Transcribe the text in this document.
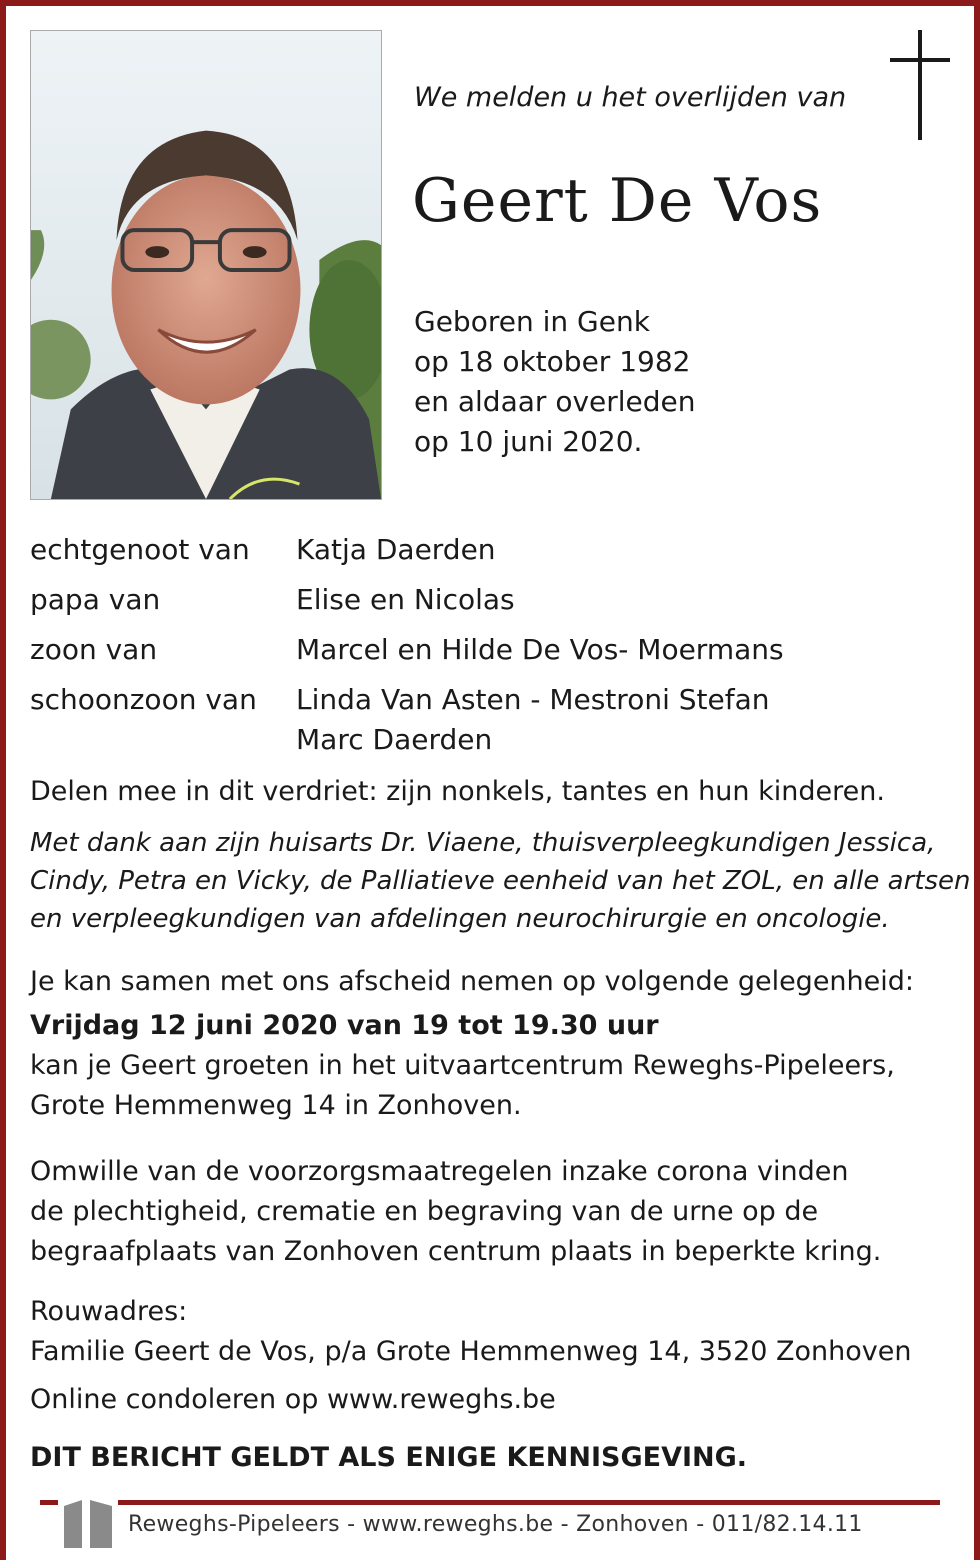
We melden u het overlijden van
Geert De Vos
Geboren in Genk
op 18 oktober 1982
en aldaar overleden
op 10 juni 2020.
echtgenoot van	Katja Daerden
papa van	Elise en Nicolas
zoon van	Marcel en Hilde De Vos- Moermans
schoonzoon van	Linda Van Asten - Mestroni Stefan
Marc Daerden
Delen mee in dit verdriet: zijn nonkels, tantes en hun kinderen.
Met dank aan zijn huisarts Dr. Viaene, thuisverpleegkundigen Jessica,
Cindy, Petra en Vicky, de Palliatieve eenheid van het ZOL, en alle artsen
en verpleegkundigen van afdelingen neurochirurgie en oncologie.
Je kan samen met ons afscheid nemen op volgende gelegenheid:
Vrijdag 12 juni 2020 van 19 tot 19.30 uur
kan je Geert groeten in het uitvaartcentrum Reweghs-Pipeleers,
Grote Hemmenweg 14 in Zonhoven.
Omwille van de voorzorgsmaatregelen inzake corona vinden
de plechtigheid, crematie en begraving van de urne op de
begraafplaats van Zonhoven centrum plaats in beperkte kring.
Rouwadres:
Familie Geert de Vos, p/a Grote Hemmenweg 14, 3520 Zonhoven
Online condoleren op www.reweghs.be
DIT BERICHT GELDT ALS ENIGE KENNISGEVING.
Reweghs-Pipeleers - www.reweghs.be - Zonhoven - 011/82.14.11
